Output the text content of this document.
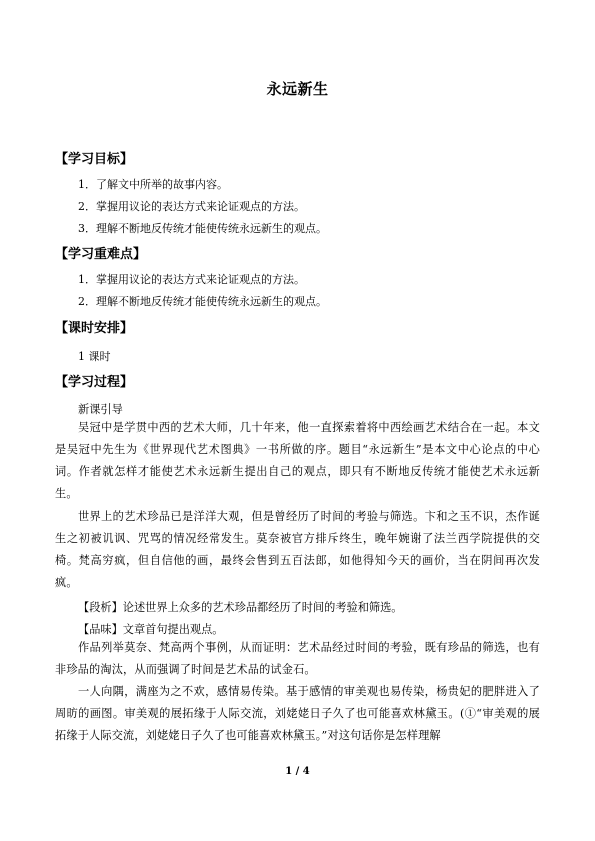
永远新生
【学习目标】
1．了解文中所举的故事内容。
2．掌握用议论的表达方式来论证观点的方法。
3．理解不断地反传统才能使传统永远新生的观点。
【学习重难点】
1．掌握用议论的表达方式来论证观点的方法。
2．理解不断地反传统才能使传统永远新生的观点。
【课时安排】
1 课时
【学习过程】
新课引导
吴冠中是学贯中西的艺术大师，几十年来，他一直探索着将中西绘画艺术结合在一起。本文是吴冠中先生为《世界现代艺术图典》一书所做的序。题目“永远新生”是本文中心论点的中心词。作者就怎样才能使艺术永远新生提出自己的观点，即只有不断地反传统才能使艺术永远新生。
世界上的艺术珍品已是洋洋大观，但是曾经历了时间的考验与筛选。卞和之玉不识，杰作诞生之初被讥讽、咒骂的情况经常发生。莫奈被官方排斥终生，晚年婉谢了法兰西学院提供的交椅。梵高穷疯，但自信他的画，最终会售到五百法郎，如他得知今天的画价，当在阴间再次发疯。
【段析】论述世界上众多的艺术珍品都经历了时间的考验和筛选。
【品味】文章首句提出观点。
作品列举莫奈、梵高两个事例，从而证明：艺术品经过时间的考验，既有珍品的筛选，也有非珍品的淘汰，从而强调了时间是艺术品的试金石。
一人向隅，满座为之不欢，感情易传染。基于感情的审美观也易传染，杨贵妃的肥胖进入了周昉的画图。审美观的展拓缘于人际交流，刘姥姥日子久了也可能喜欢林黛玉。(①“审美观的展拓缘于人际交流，刘姥姥日子久了也可能喜欢林黛玉。”对这句话你是怎样理解
1 / 4
